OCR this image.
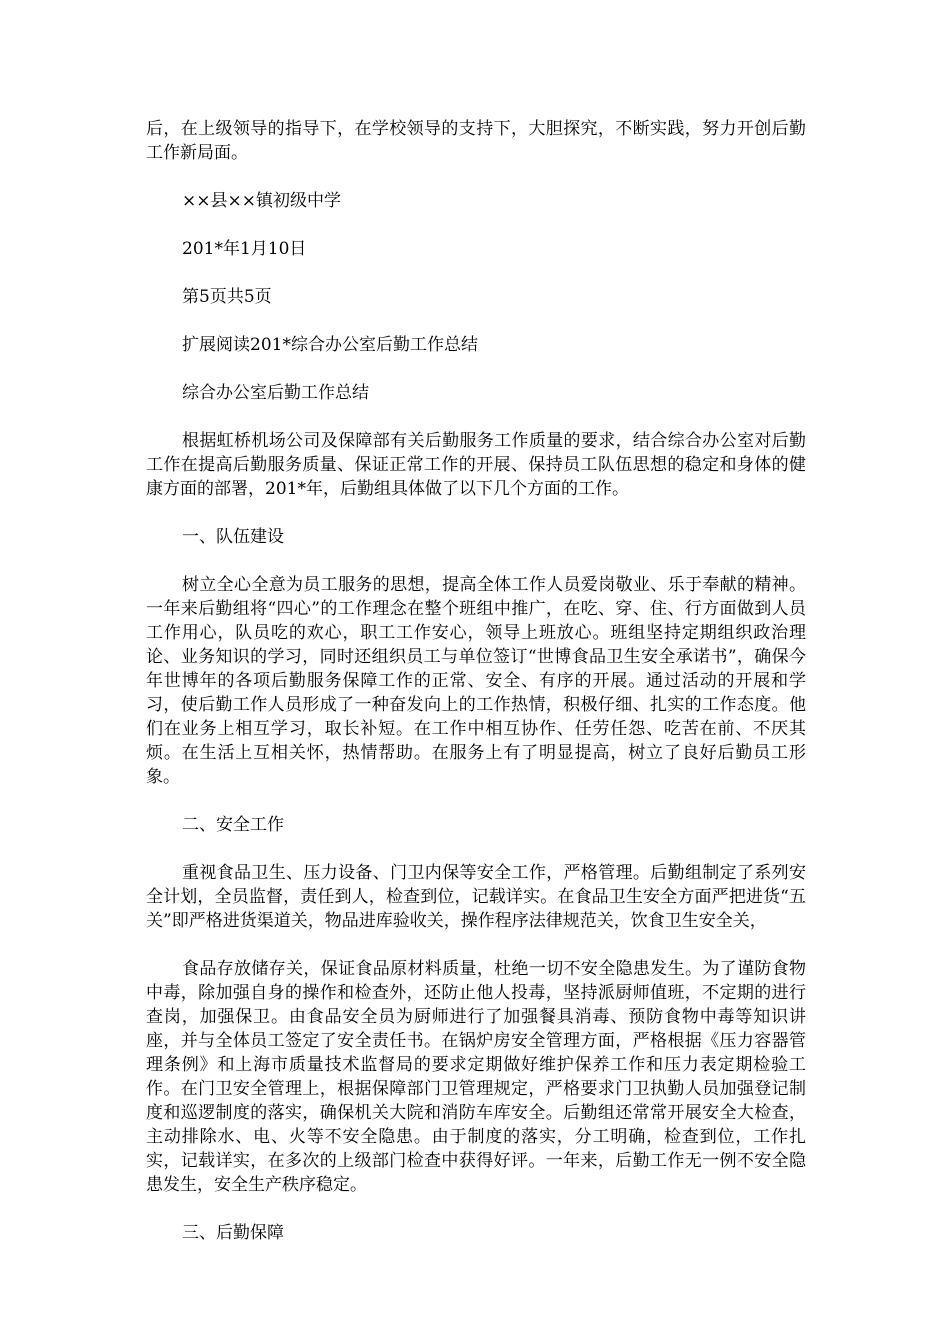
后，在上级领导的指导下，在学校领导的支持下，大胆探究，不断实践，努力开创后勤工作新局面。

××县××镇初级中学

201*年1月10日

第5页共5页

扩展阅读201*综合办公室后勤工作总结

综合办公室后勤工作总结

根据虹桥机场公司及保障部有关后勤服务工作质量的要求，结合综合办公室对后勤工作在提高后勤服务质量、保证正常工作的开展、保持员工队伍思想的稳定和身体的健康方面的部署，201*年，后勤组具体做了以下几个方面的工作。

一、队伍建设

树立全心全意为员工服务的思想，提高全体工作人员爱岗敬业、乐于奉献的精神。一年来后勤组将“四心”的工作理念在整个班组中推广，在吃、穿、住、行方面做到人员工作用心，队员吃的欢心，职工工作安心，领导上班放心。班组坚持定期组织政治理论、业务知识的学习，同时还组织员工与单位签订“世博食品卫生安全承诺书”，确保今年世博年的各项后勤服务保障工作的正常、安全、有序的开展。通过活动的开展和学习，使后勤工作人员形成了一种奋发向上的工作热情，积极仔细、扎实的工作态度。他们在业务上相互学习，取长补短。在工作中相互协作、任劳任怨、吃苦在前、不厌其烦。在生活上互相关怀，热情帮助。在服务上有了明显提高，树立了良好后勤员工形象。

二、安全工作

重视食品卫生、压力设备、门卫内保等安全工作，严格管理。后勤组制定了系列安全计划，全员监督，责任到人，检查到位，记载详实。在食品卫生安全方面严把进货“五关”即严格进货渠道关，物品进库验收关，操作程序法律规范关，饮食卫生安全关，

食品存放储存关，保证食品原材料质量，杜绝一切不安全隐患发生。为了谨防食物中毒，除加强自身的操作和检查外，还防止他人投毒，坚持派厨师值班，不定期的进行查岗，加强保卫。由食品安全员为厨师进行了加强餐具消毒、预防食物中毒等知识讲座，并与全体员工签定了安全责任书。在锅炉房安全管理方面，严格根据《压力容器管理条例》和上海市质量技术监督局的要求定期做好维护保养工作和压力表定期检验工作。在门卫安全管理上，根据保障部门卫管理规定，严格要求门卫执勤人员加强登记制度和巡逻制度的落实，确保机关大院和消防车库安全。后勤组还常常开展安全大检查，主动排除水、电、火等不安全隐患。由于制度的落实，分工明确，检查到位，工作扎实，记载详实，在多次的上级部门检查中获得好评。一年来，后勤工作无一例不安全隐患发生，安全生产秩序稳定。

三、后勤保障
